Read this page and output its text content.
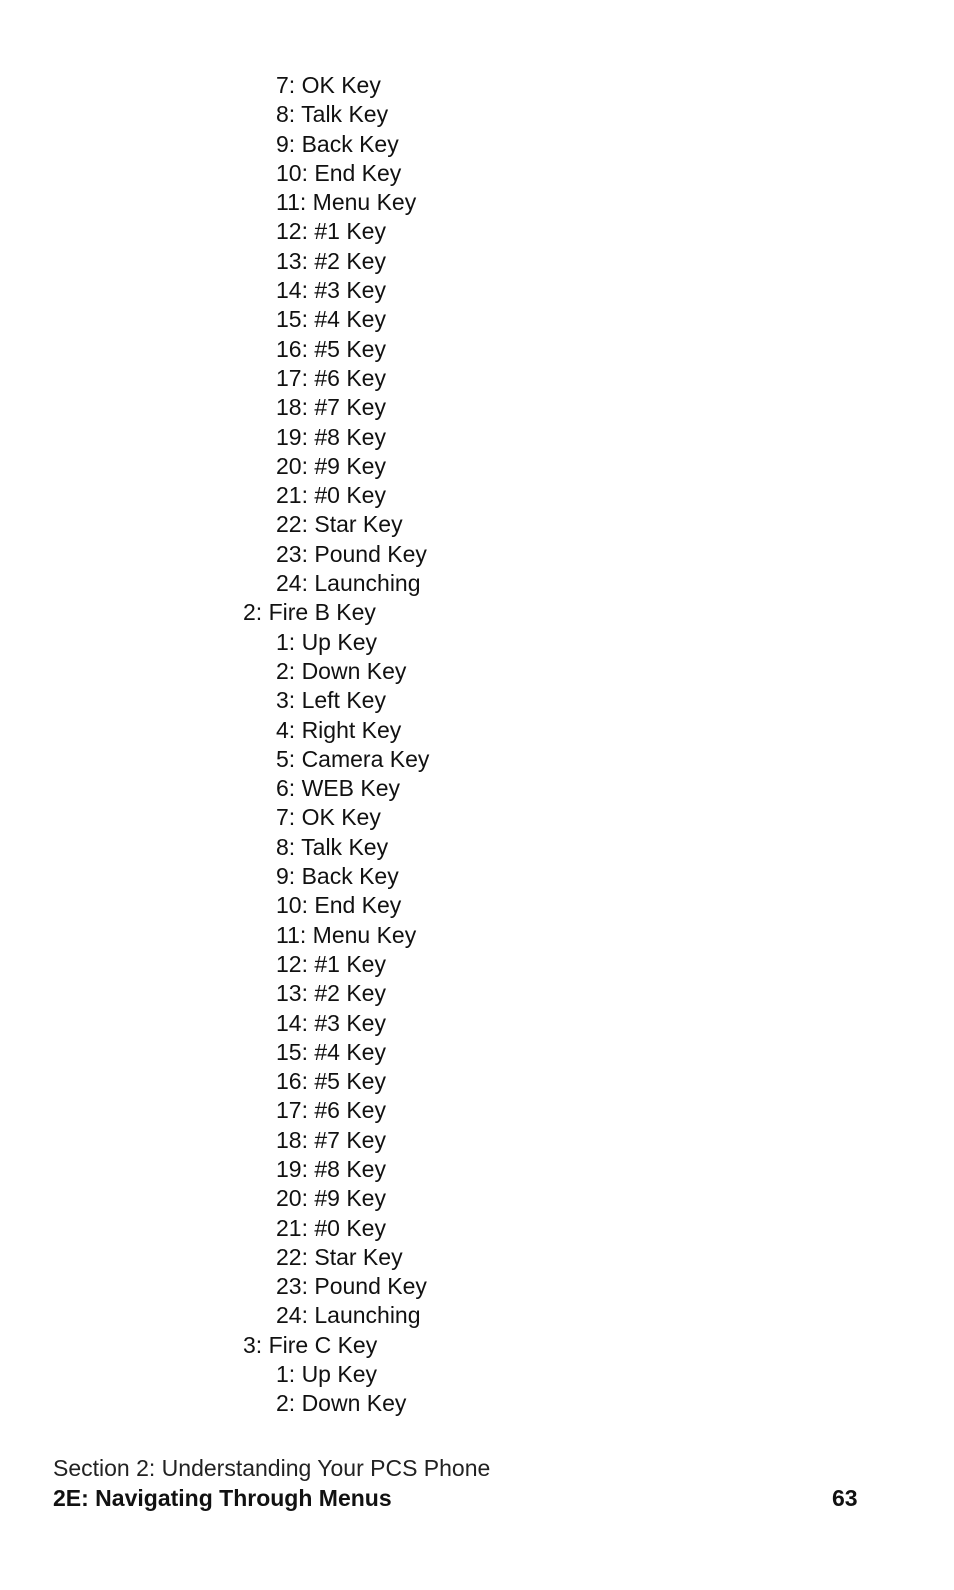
7: OK Key
8: Talk Key
9: Back Key
10: End Key
11: Menu Key
12: #1 Key
13: #2 Key
14: #3 Key
15: #4 Key
16: #5 Key
17: #6 Key
18: #7 Key
19: #8 Key
20: #9 Key
21: #0 Key
22: Star Key
23: Pound Key
24: Launching
2: Fire B Key
1: Up Key
2: Down Key
3: Left Key
4: Right Key
5: Camera Key
6: WEB Key
7: OK Key
8: Talk Key
9: Back Key
10: End Key
11: Menu Key
12: #1 Key
13: #2 Key
14: #3 Key
15: #4 Key
16: #5 Key
17: #6 Key
18: #7 Key
19: #8 Key
20: #9 Key
21: #0 Key
22: Star Key
23: Pound Key
24: Launching
3: Fire C Key
1: Up Key
2: Down Key
Section 2: Understanding Your PCS Phone
2E: Navigating Through Menus	63
